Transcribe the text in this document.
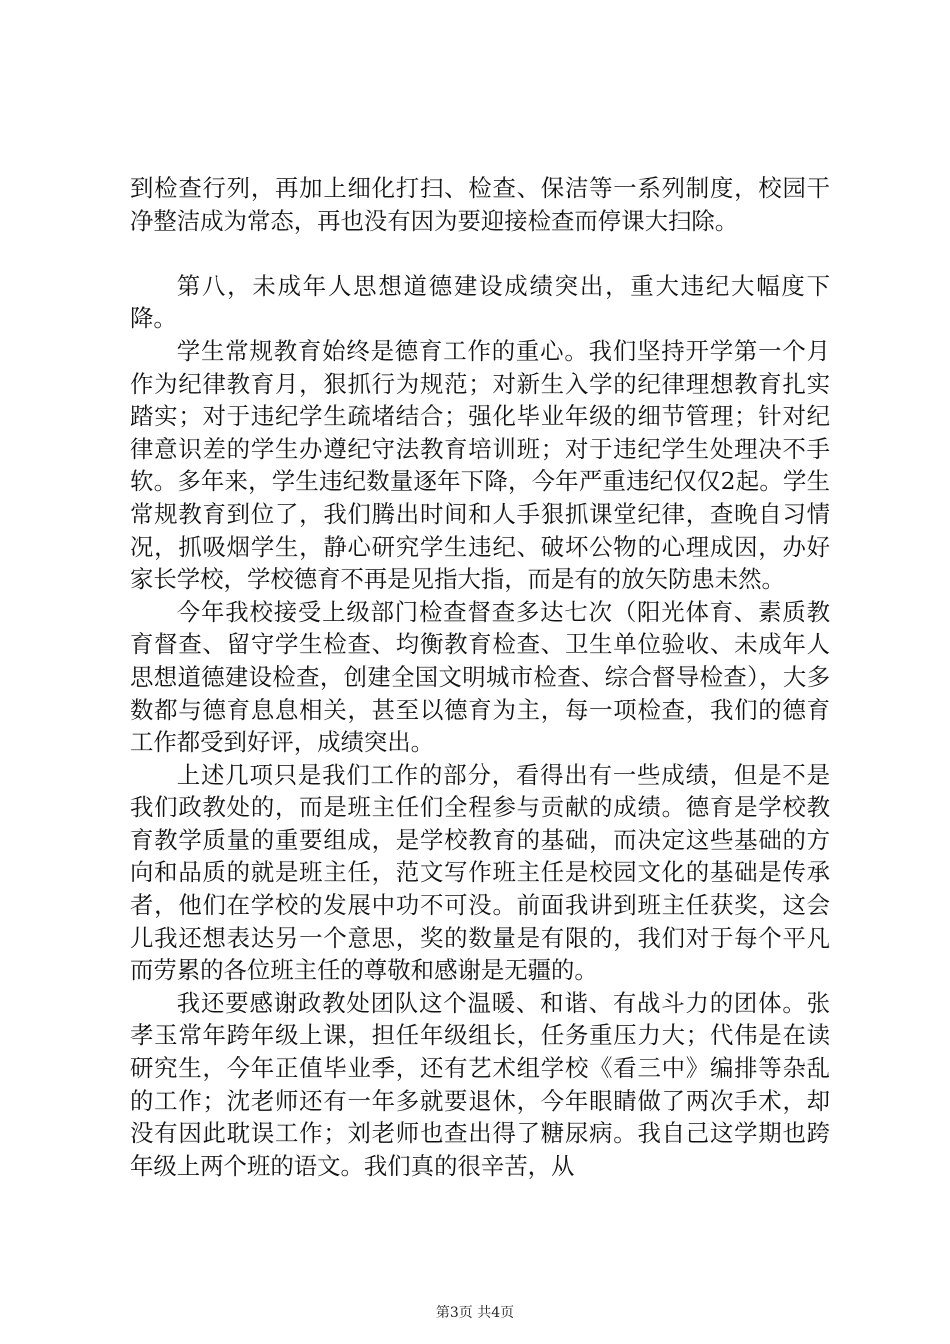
到检查行列，再加上细化打扫、检查、保洁等一系列制度，校园干净整洁成为常态，再也没有因为要迎接检查而停课大扫除。

第八，未成年人思想道德建设成绩突出，重大违纪大幅度下降。

学生常规教育始终是德育工作的重心。我们坚持开学第一个月作为纪律教育月，狠抓行为规范；对新生入学的纪律理想教育扎实踏实；对于违纪学生疏堵结合；强化毕业年级的细节管理；针对纪律意识差的学生办遵纪守法教育培训班；对于违纪学生处理决不手软。多年来，学生违纪数量逐年下降，今年严重违纪仅仅2起。学生常规教育到位了，我们腾出时间和人手狠抓课堂纪律，查晚自习情况，抓吸烟学生，静心研究学生违纪、破坏公物的心理成因，办好家长学校，学校德育不再是见指大指，而是有的放矢防患未然。

今年我校接受上级部门检查督查多达七次（阳光体育、素质教育督查、留守学生检查、均衡教育检查、卫生单位验收、未成年人思想道德建设检查，创建全国文明城市检查、综合督导检查），大多数都与德育息息相关，甚至以德育为主，每一项检查，我们的德育工作都受到好评，成绩突出。

上述几项只是我们工作的部分，看得出有一些成绩，但是不是我们政教处的，而是班主任们全程参与贡献的成绩。德育是学校教育教学质量的重要组成，是学校教育的基础，而决定这些基础的方向和品质的就是班主任，范文写作班主任是校园文化的基础是传承者，他们在学校的发展中功不可没。前面我讲到班主任获奖，这会儿我还想表达另一个意思，奖的数量是有限的，我们对于每个平凡而劳累的各位班主任的尊敬和感谢是无疆的。

我还要感谢政教处团队这个温暖、和谐、有战斗力的团体。张孝玉常年跨年级上课，担任年级组长，任务重压力大；代伟是在读研究生，今年正值毕业季，还有艺术组学校《看三中》编排等杂乱的工作；沈老师还有一年多就要退休，今年眼睛做了两次手术，却没有因此耽误工作；刘老师也查出得了糖尿病。我自己这学期也跨年级上两个班的语文。我们真的很辛苦，从

第3页 共4页
